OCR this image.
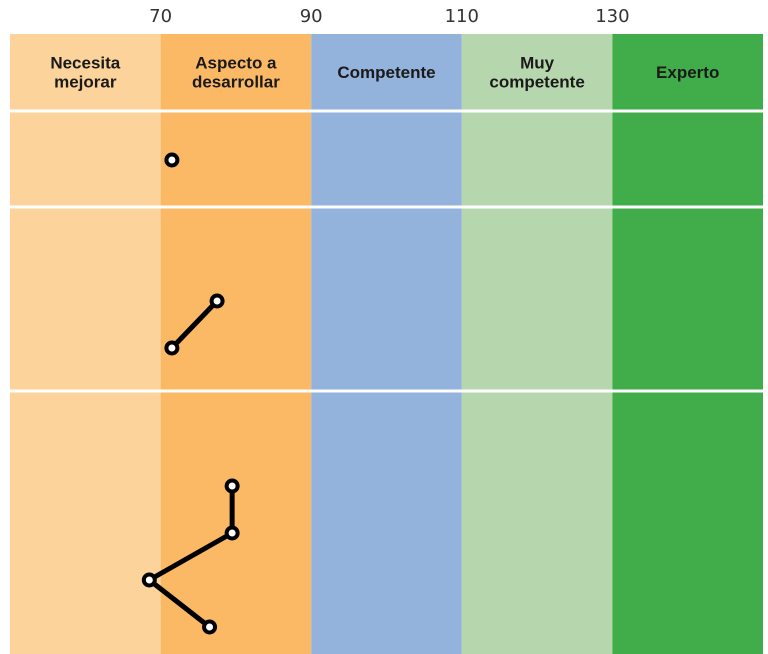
70	90	110	130
Necesita
mejorar
Aspecto a
desarrollar	Competente	Muy
competente	Experto
